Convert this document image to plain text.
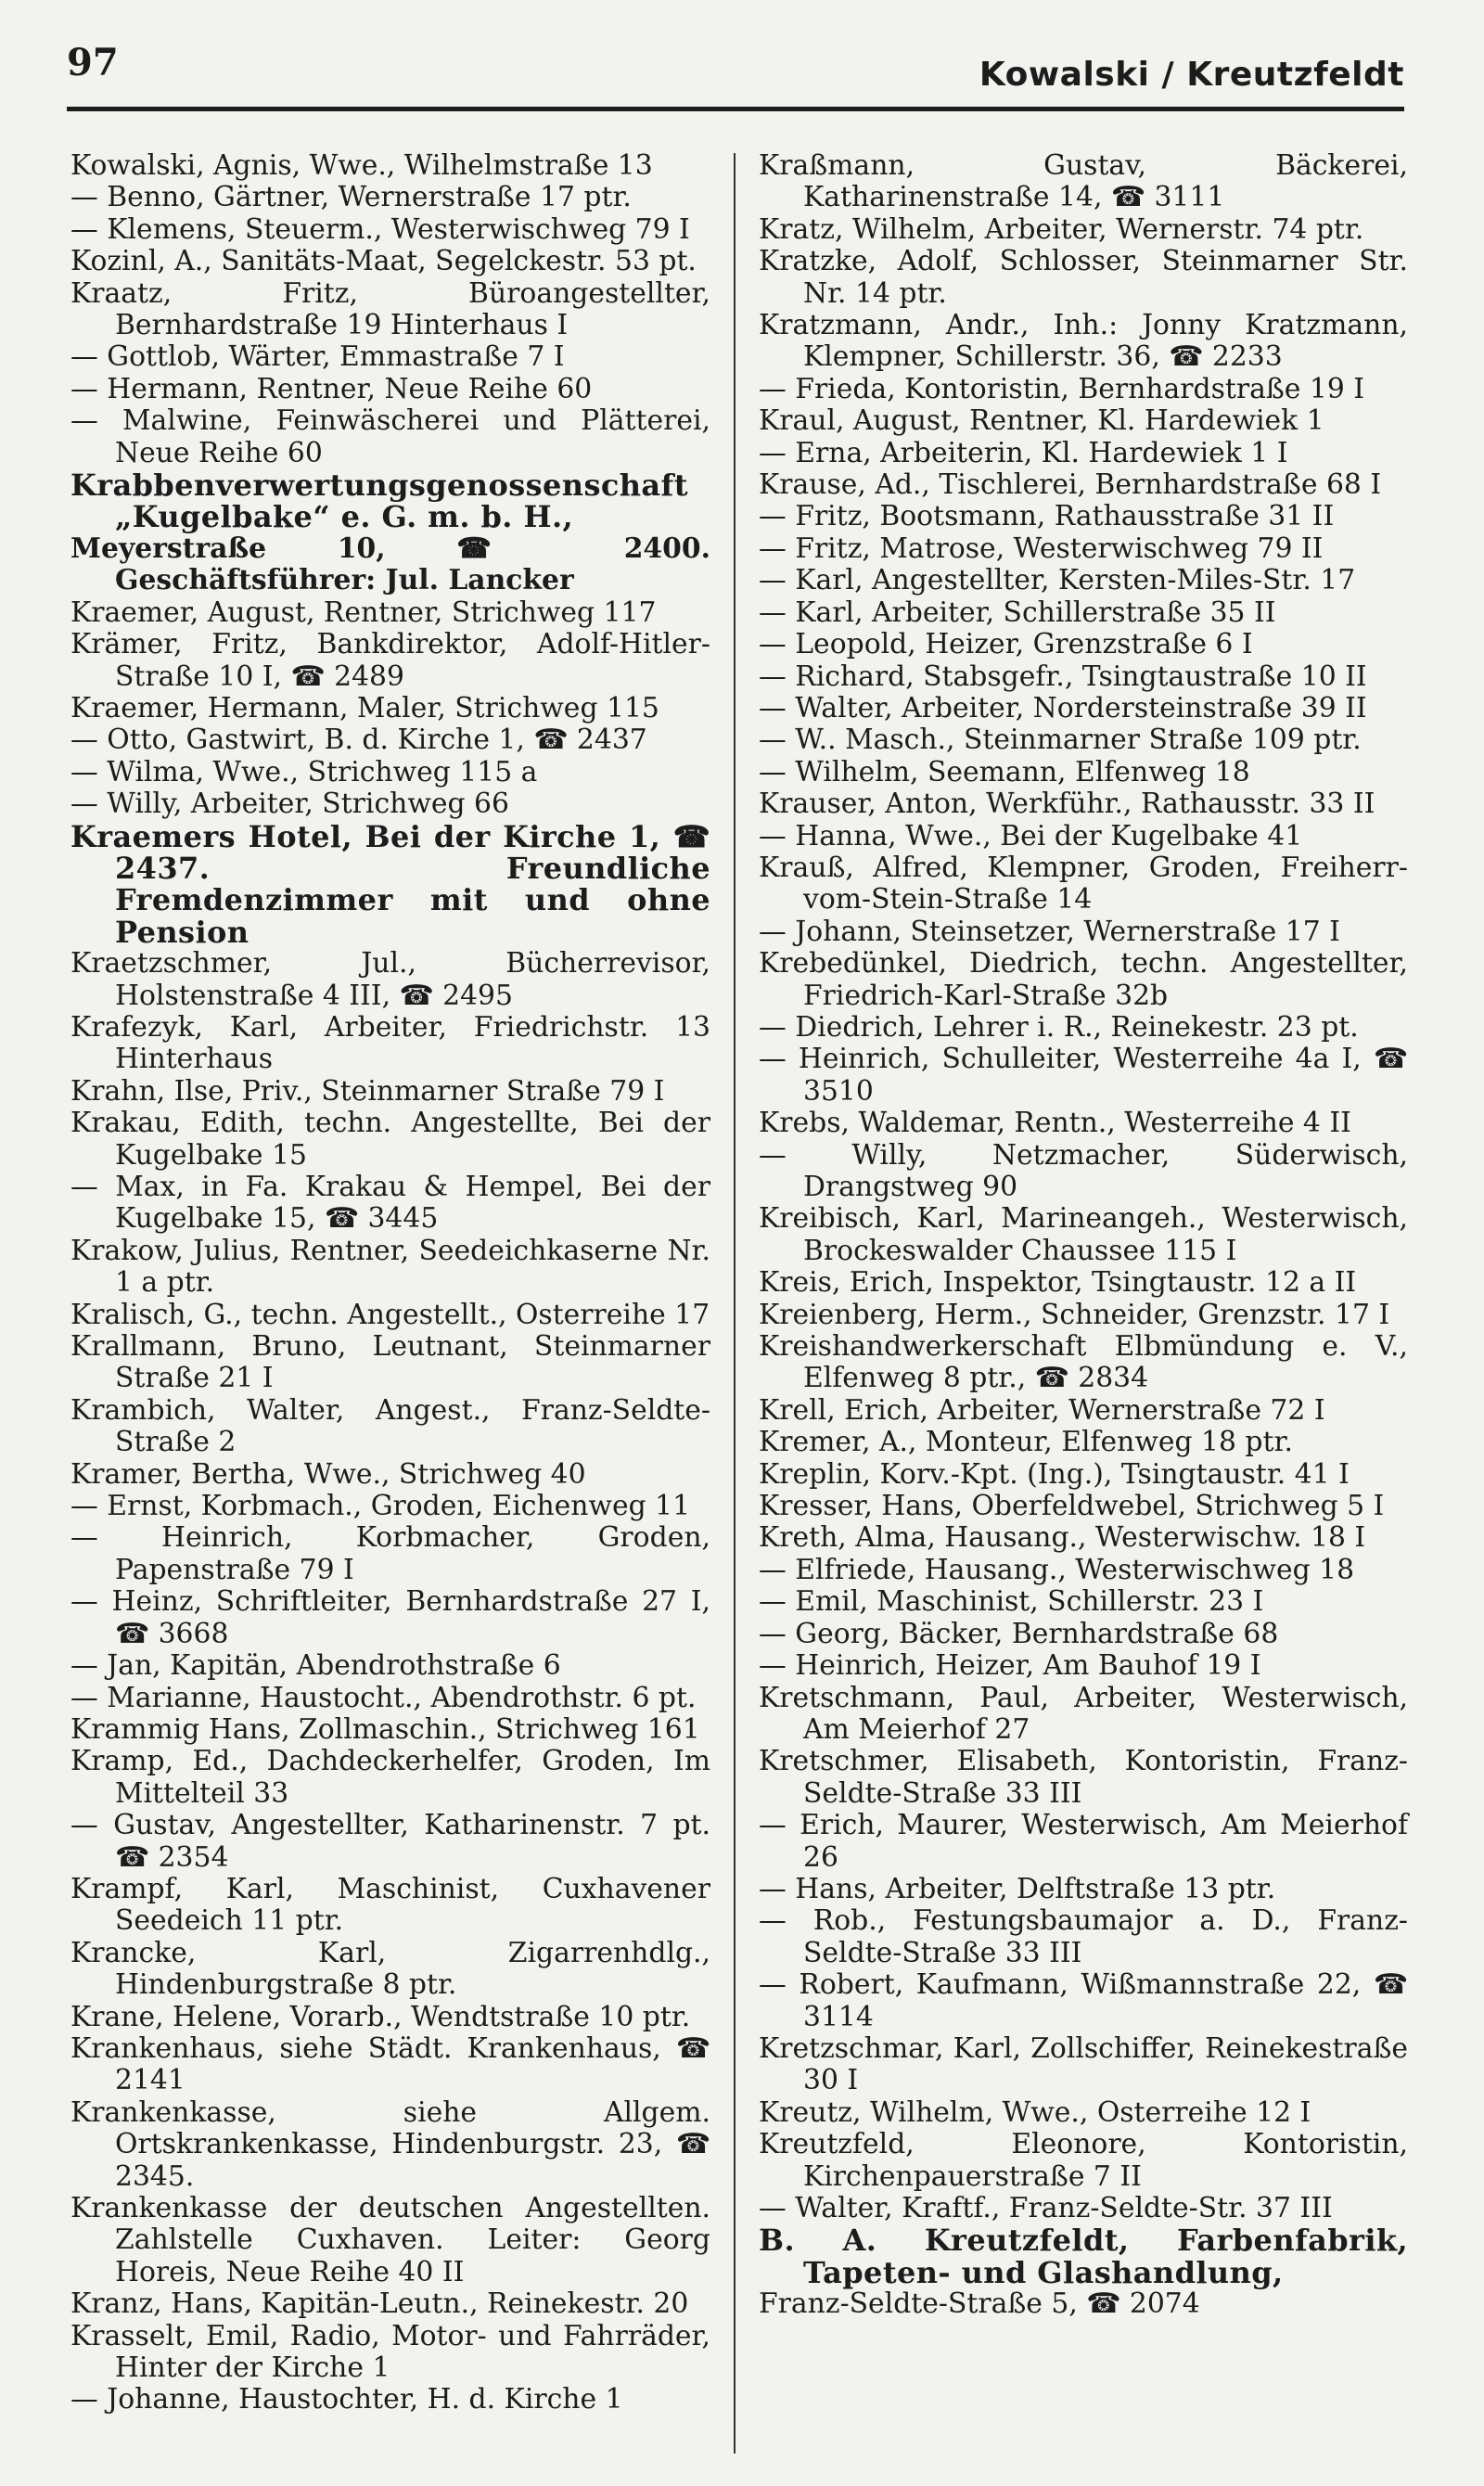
97	Kowalski / Kreutzfeldt

Kowalski, Agnis, Wwe., Wilhelmstraße 13

— Benno, Gärtner, Wernerstraße 17 ptr.

— Klemens, Steuerm., Westerwischweg 79 I

Kozinl, A., Sanitäts-Maat, Segelckestr. 53 pt.

Kraatz, Fritz, Büroangestellter, Bernhardstraße 19 Hinterhaus I

— Gottlob, Wärter, Emmastraße 7 I

— Hermann, Rentner, Neue Reihe 60

— Malwine, Feinwäscherei und Plätterei, Neue Reihe 60

Krabbenverwertungsgenossenschaft „Kugelbake“ e. G. m. b. H.,

Meyerstraße 10, ☎ 2400. Geschäftsführer: Jul. Lancker

Kraemer, August, Rentner, Strichweg 117

Krämer, Fritz, Bankdirektor, Adolf-Hitler-Straße 10 I, ☎ 2489

Kraemer, Hermann, Maler, Strichweg 115

— Otto, Gastwirt, B. d. Kirche 1, ☎ 2437

— Wilma, Wwe., Strichweg 115 a

— Willy, Arbeiter, Strichweg 66

Kraemers Hotel, Bei der Kirche 1, ☎ 2437. Freundliche Fremdenzimmer mit und ohne Pension

Kraetzschmer, Jul., Bücherrevisor, Holstenstraße 4 III, ☎ 2495

Krafezyk, Karl, Arbeiter, Friedrichstr. 13 Hinterhaus

Krahn, Ilse, Priv., Steinmarner Straße 79 I

Krakau, Edith, techn. Angestellte, Bei der Kugelbake 15

— Max, in Fa. Krakau & Hempel, Bei der Kugelbake 15, ☎ 3445

Krakow, Julius, Rentner, Seedeichkaserne Nr. 1 a ptr.

Kralisch, G., techn. Angestellt., Osterreihe 17

Krallmann, Bruno, Leutnant, Steinmarner Straße 21 I

Krambich, Walter, Angest., Franz-Seldte-Straße 2

Kramer, Bertha, Wwe., Strichweg 40

— Ernst, Korbmach., Groden, Eichenweg 11

— Heinrich, Korbmacher, Groden, Papenstraße 79 I

— Heinz, Schriftleiter, Bernhardstraße 27 I, ☎ 3668

— Jan, Kapitän, Abendrothstraße 6

— Marianne, Haustocht., Abendrothstr. 6 pt.

Krammig Hans, Zollmaschin., Strichweg 161

Kramp, Ed., Dachdeckerhelfer, Groden, Im Mittelteil 33

— Gustav, Angestellter, Katharinenstr. 7 pt. ☎ 2354

Krampf, Karl, Maschinist, Cuxhavener Seedeich 11 ptr.

Krancke, Karl, Zigarrenhdlg., Hindenburgstraße 8 ptr.

Krane, Helene, Vorarb., Wendtstraße 10 ptr.

Krankenhaus, siehe Städt. Krankenhaus, ☎ 2141

Krankenkasse, siehe Allgem. Ortskrankenkasse, Hindenburgstr. 23, ☎ 2345.

Krankenkasse der deutschen Angestellten. Zahlstelle Cuxhaven. Leiter: Georg Horeis, Neue Reihe 40 II

Kranz, Hans, Kapitän-Leutn., Reinekestr. 20

Krasselt, Emil, Radio, Motor- und Fahrräder, Hinter der Kirche 1

— Johanne, Haustochter, H. d. Kirche 1

Kraßmann, Gustav, Bäckerei, Katharinenstraße 14, ☎ 3111

Kratz, Wilhelm, Arbeiter, Wernerstr. 74 ptr.

Kratzke, Adolf, Schlosser, Steinmarner Str. Nr. 14 ptr.

Kratzmann, Andr., Inh.: Jonny Kratzmann, Klempner, Schillerstr. 36, ☎ 2233

— Frieda, Kontoristin, Bernhardstraße 19 I

Kraul, August, Rentner, Kl. Hardewiek 1

— Erna, Arbeiterin, Kl. Hardewiek 1 I

Krause, Ad., Tischlerei, Bernhardstraße 68 I

— Fritz, Bootsmann, Rathausstraße 31 II

— Fritz, Matrose, Westerwischweg 79 II

— Karl, Angestellter, Kersten-Miles-Str. 17

— Karl, Arbeiter, Schillerstraße 35 II

— Leopold, Heizer, Grenzstraße 6 I

— Richard, Stabsgefr., Tsingtaustraße 10 II

— Walter, Arbeiter, Nordersteinstraße 39 II

— W.. Masch., Steinmarner Straße 109 ptr.

— Wilhelm, Seemann, Elfenweg 18

Krauser, Anton, Werkführ., Rathausstr. 33 II

— Hanna, Wwe., Bei der Kugelbake 41

Krauß, Alfred, Klempner, Groden, Freiherr-vom-Stein-Straße 14

— Johann, Steinsetzer, Wernerstraße 17 I

Krebedünkel, Diedrich, techn. Angestellter, Friedrich-Karl-Straße 32b

— Diedrich, Lehrer i. R., Reinekestr. 23 pt.

— Heinrich, Schulleiter, Westerreihe 4a I, ☎ 3510

Krebs, Waldemar, Rentn., Westerreihe 4 II

— Willy, Netzmacher, Süderwisch, Drangstweg 90

Kreibisch, Karl, Marineangeh., Westerwisch, Brockeswalder Chaussee 115 I

Kreis, Erich, Inspektor, Tsingtaustr. 12 a II

Kreienberg, Herm., Schneider, Grenzstr. 17 I

Kreishandwerkerschaft Elbmündung e. V., Elfenweg 8 ptr., ☎ 2834

Krell, Erich, Arbeiter, Wernerstraße 72 I

Kremer, A., Monteur, Elfenweg 18 ptr.

Kreplin, Korv.-Kpt. (Ing.), Tsingtaustr. 41 I

Kresser, Hans, Oberfeldwebel, Strichweg 5 I

Kreth, Alma, Hausang., Westerwischw. 18 I

— Elfriede, Hausang., Westerwischweg 18

— Emil, Maschinist, Schillerstr. 23 I

— Georg, Bäcker, Bernhardstraße 68

— Heinrich, Heizer, Am Bauhof 19 I

Kretschmann, Paul, Arbeiter, Westerwisch, Am Meierhof 27

Kretschmer, Elisabeth, Kontoristin, Franz-Seldte-Straße 33 III

— Erich, Maurer, Westerwisch, Am Meierhof 26

— Hans, Arbeiter, Delftstraße 13 ptr.

— Rob., Festungsbaumajor a. D., Franz-Seldte-Straße 33 III

— Robert, Kaufmann, Wißmannstraße 22, ☎ 3114

Kretzschmar, Karl, Zollschiffer, Reinekestraße 30 I

Kreutz, Wilhelm, Wwe., Osterreihe 12 I

Kreutzfeld, Eleonore, Kontoristin, Kirchenpauerstraße 7 II

— Walter, Kraftf., Franz-Seldte-Str. 37 III

B. A. Kreutzfeldt, Farbenfabrik, Tapeten- und Glashandlung,

Franz-Seldte-Straße 5, ☎ 2074
